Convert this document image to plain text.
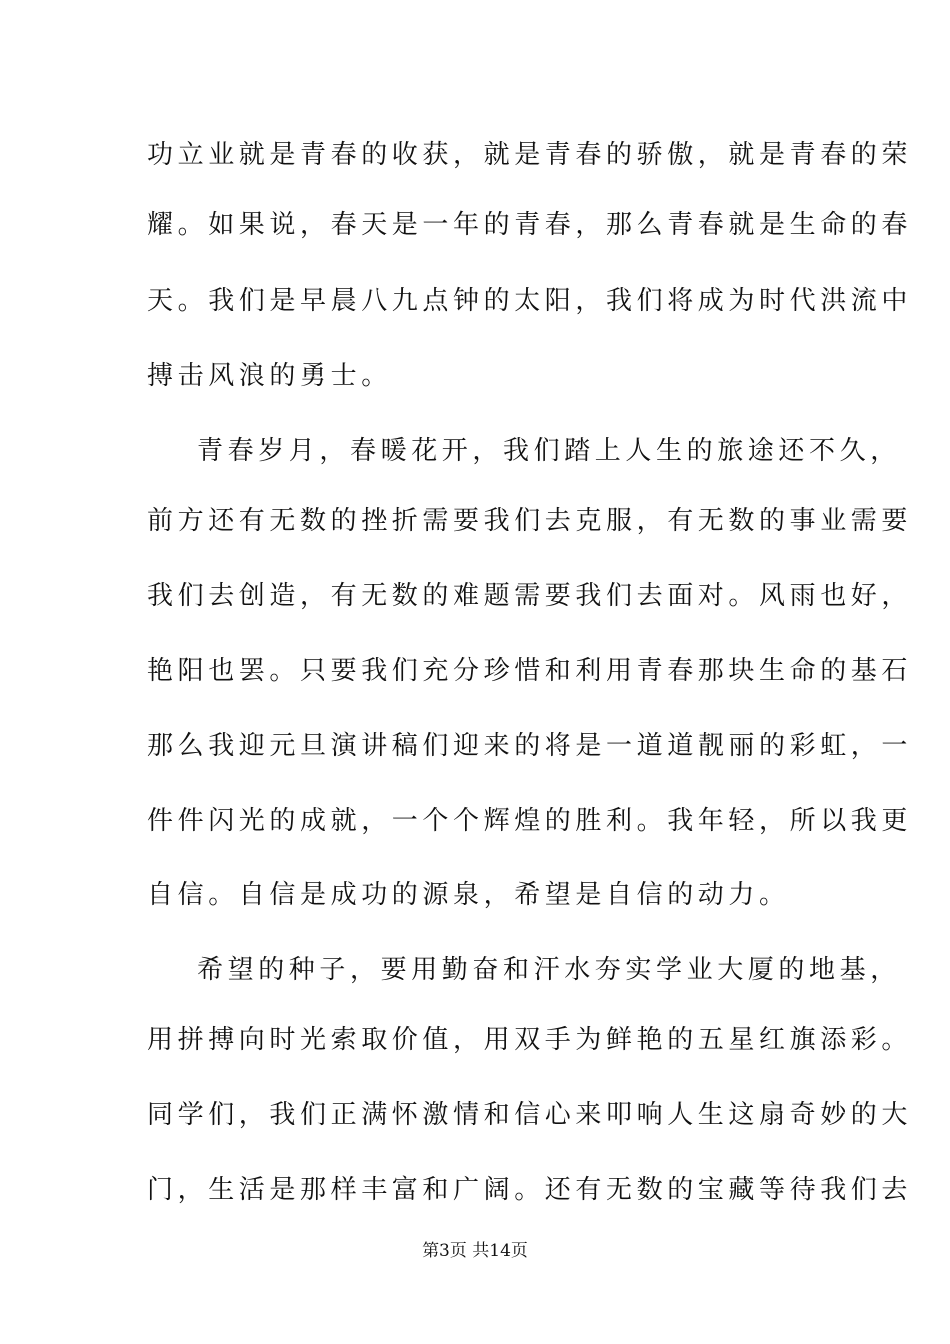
功立业就是青春的收获，就是青春的骄傲，就是青春的荣
耀。如果说，春天是一年的青春，那么青春就是生命的春
天。我们是早晨八九点钟的太阳，我们将成为时代洪流中
搏击风浪的勇士。
青春岁月，春暖花开，我们踏上人生的旅途还不久，
前方还有无数的挫折需要我们去克服，有无数的事业需要
我们去创造，有无数的难题需要我们去面对。风雨也好，
艳阳也罢。只要我们充分珍惜和利用青春那块生命的基石
那么我迎元旦演讲稿们迎来的将是一道道靓丽的彩虹，一
件件闪光的成就，一个个辉煌的胜利。我年轻，所以我更
自信。自信是成功的源泉，希望是自信的动力。
希望的种子，要用勤奋和汗水夯实学业大厦的地基，
用拼搏向时光索取价值，用双手为鲜艳的五星红旗添彩。
同学们，我们正满怀激情和信心来叩响人生这扇奇妙的大
门，生活是那样丰富和广阔。还有无数的宝藏等待我们去
第3页 共14页
